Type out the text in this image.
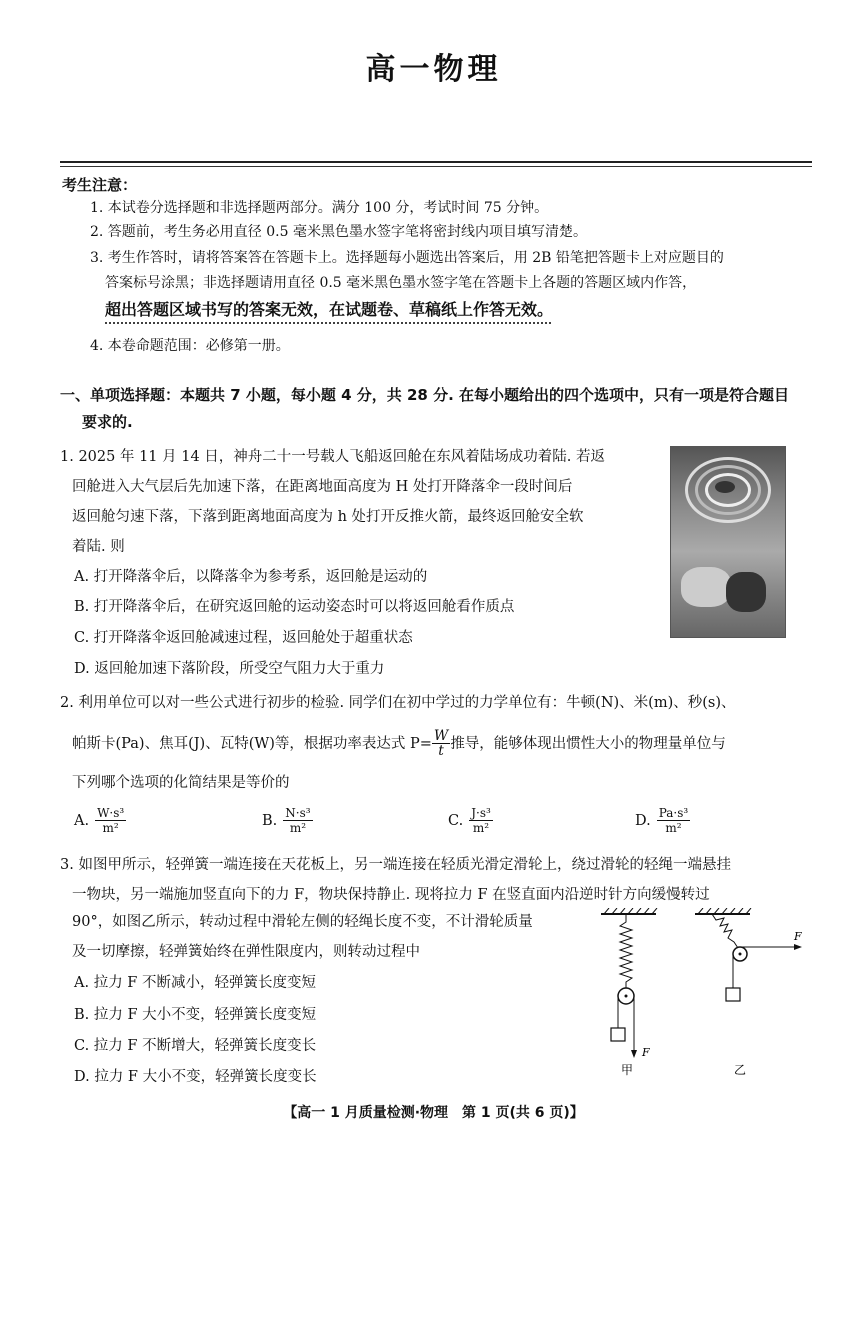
高一物理
考生注意：
1. 本试卷分选择题和非选择题两部分。满分 100 分，考试时间 75 分钟。
2. 答题前，考生务必用直径 0.5 毫米黑色墨水签字笔将密封线内项目填写清楚。
3. 考生作答时，请将答案答在答题卡上。选择题每小题选出答案后，用 2B 铅笔把答题卡上对应题目的
答案标号涂黑；非选择题请用直径 0.5 毫米黑色墨水签字笔在答题卡上各题的答题区域内作答，
超出答题区域书写的答案无效，在试题卷、草稿纸上作答无效。
4. 本卷命题范围：必修第一册。
一、单项选择题：本题共 7 小题，每小题 4 分，共 28 分. 在每小题给出的四个选项中，只有一项是符合题目
要求的.
1. 2025 年 11 月 14 日，神舟二十一号载人飞船返回舱在东风着陆场成功着陆. 若返
回舱进入大气层后先加速下落，在距离地面高度为 H 处打开降落伞一段时间后
返回舱匀速下落，下落到距离地面高度为 h 处打开反推火箭，最终返回舱安全软
着陆. 则
A. 打开降落伞后，以降落伞为参考系，返回舱是运动的
B. 打开降落伞后，在研究返回舱的运动姿态时可以将返回舱看作质点
C. 打开降落伞返回舱减速过程，返回舱处于超重状态
D. 返回舱加速下落阶段，所受空气阻力大于重力
2. 利用单位可以对一些公式进行初步的检验. 同学们在初中学过的力学单位有：牛顿(N)、米(m)、秒(s)、
帕斯卡(Pa)、焦耳(J)、瓦特(W)等，根据功率表达式 $P= \frac{W}{t}$ 推导，能够体现出惯性大小的物理量单位与
下列哪个选项的化简结果是等价的
A. $\frac{\text{W·s³}}{\text{m²}}$	B. $\frac{\text{N·s³}}{\text{m²}}$	C. $\frac{\text{J·s³}}{\text{m²}}$	D. $\frac{\text{Pa·s³}}{\text{m²}}$
3. 如图甲所示，轻弹簧一端连接在天花板上，另一端连接在轻质光滑定滑轮上，绕过滑轮的轻绳一端悬挂
一物块，另一端施加竖直向下的力 F，物块保持静止. 现将拉力 F 在竖直面内沿逆时针方向缓慢转过
90°，如图乙所示，转动过程中滑轮左侧的轻绳长度不变，不计滑轮质量
及一切摩擦，轻弹簧始终在弹性限度内，则转动过程中
A. 拉力 F 不断减小，轻弹簧长度变短
B. 拉力 F 大小不变，轻弹簧长度变短
C. 拉力 F 不断增大，轻弹簧长度变长
D. 拉力 F 大小不变，轻弹簧长度变长
F
甲
F
乙
【高一 1 月质量检测·物理　第 1 页(共 6 页)】
